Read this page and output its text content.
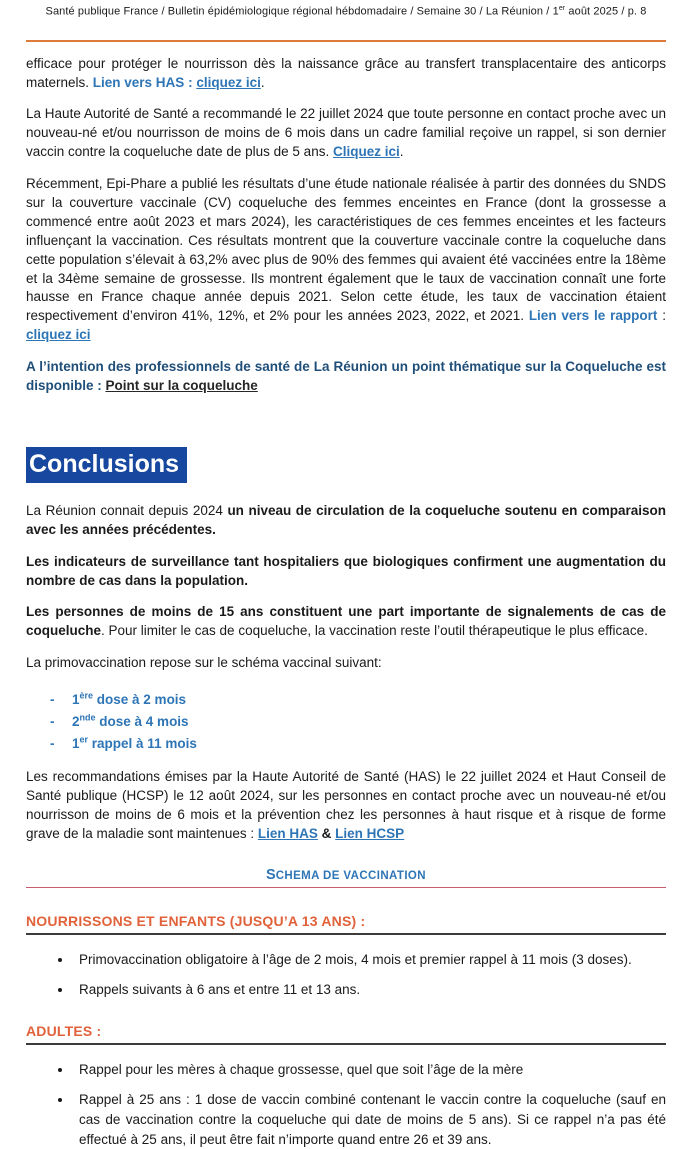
Santé publique France / Bulletin épidémiologique régional hébdomadaire / Semaine 30 / La Réunion / 1er août 2025 / p. 8

efficace pour protéger le nourrisson dès la naissance grâce au transfert transplacentaire des anticorps maternels. Lien vers HAS : cliquez ici.

La Haute Autorité de Santé a recommandé le 22 juillet 2024 que toute personne en contact proche avec un nouveau-né et/ou nourrisson de moins de 6 mois dans un cadre familial reçoive un rappel, si son dernier vaccin contre la coqueluche date de plus de 5 ans. Cliquez ici.

Récemment, Epi-Phare a publié les résultats d’une étude nationale réalisée à partir des données du SNDS sur la couverture vaccinale (CV) coqueluche des femmes enceintes en France (dont la grossesse a commencé entre août 2023 et mars 2024), les caractéristiques de ces femmes enceintes et les facteurs influençant la vaccination. Ces résultats montrent que la couverture vaccinale contre la coqueluche dans cette population s’élevait à 63,2% avec plus de 90% des femmes qui avaient été vaccinées entre la 18ème et la 34ème semaine de grossesse. Ils montrent également que le taux de vaccination connaît une forte hausse en France chaque année depuis 2021. Selon cette étude, les taux de vaccination étaient respectivement d’environ 41%, 12%, et 2% pour les années 2023, 2022, et 2021. Lien vers le rapport : cliquez ici

A l’intention des professionnels de santé de La Réunion un point thématique sur la Coqueluche est disponible : Point sur la coqueluche

Conclusions

La Réunion connait depuis 2024 un niveau de circulation de la coqueluche soutenu en comparaison avec les années précédentes.

Les indicateurs de surveillance tant hospitaliers que biologiques confirment une augmentation du nombre de cas dans la population.

Les personnes de moins de 15 ans constituent une part importante de signalements de cas de coqueluche. Pour limiter le cas de coqueluche, la vaccination reste l’outil thérapeutique le plus efficace.

La primovaccination repose sur le schéma vaccinal suivant:

-	1ère dose à 2 mois
-	2nde dose à 4 mois
-	1er rappel à 11 mois

Les recommandations émises par la Haute Autorité de Santé (HAS) le 22 juillet 2024 et Haut Conseil de Santé publique (HCSP) le 12 août 2024, sur les personnes en contact proche avec un nouveau-né et/ou nourrisson de moins de 6 mois et la prévention chez les personnes à haut risque et à risque de forme grave de la maladie sont maintenues : Lien HAS & Lien HCSP

SCHEMA DE VACCINATION
NOURRISSONS ET ENFANTS (JUSQU’A 13 ANS) :
• Primovaccination obligatoire à l’âge de 2 mois, 4 mois et premier rappel à 11 mois (3 doses).
• Rappels suivants à 6 ans et entre 11 et 13 ans.
ADULTES :
• Rappel pour les mères à chaque grossesse, quel que soit l’âge de la mère
• Rappel à 25 ans : 1 dose de vaccin combiné contenant le vaccin contre la coqueluche (sauf en cas de vaccination contre la coqueluche qui date de moins de 5 ans). Si ce rappel n’a pas été effectué à 25 ans, il peut être fait n’importe quand entre 26 et 39 ans.
